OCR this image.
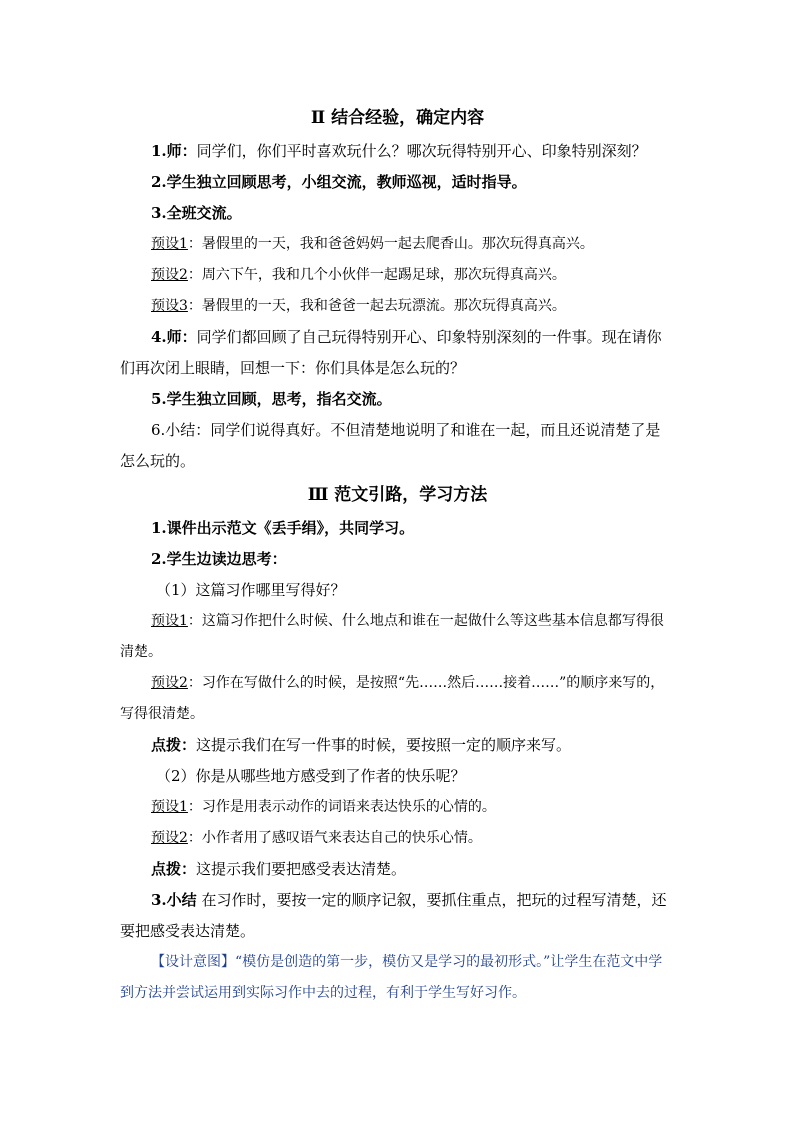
Ⅱ 结合经验，确定内容

1.师：同学们，你们平时喜欢玩什么？哪次玩得特别开心、印象特别深刻？

2.学生独立回顾思考，小组交流，教师巡视，适时指导。

3.全班交流。

预设1：暑假里的一天，我和爸爸妈妈一起去爬香山。那次玩得真高兴。

预设2：周六下午，我和几个小伙伴一起踢足球，那次玩得真高兴。

预设3：暑假里的一天，我和爸爸一起去玩漂流。那次玩得真高兴。

4.师：同学们都回顾了自己玩得特别开心、印象特别深刻的一件事。现在请你们再次闭上眼睛，回想一下：你们具体是怎么玩的？

5.学生独立回顾，思考，指名交流。

6.小结：同学们说得真好。不但清楚地说明了和谁在一起，而且还说清楚了是怎么玩的。

Ⅲ 范文引路，学习方法

1.课件出示范文《丢手绢》，共同学习。

2.学生边读边思考：

（1）这篇习作哪里写得好？

预设1：这篇习作把什么时候、什么地点和谁在一起做什么等这些基本信息都写得很清楚。

预设2：习作在写做什么的时候，是按照“先……然后……接着……”的顺序来写的，写得很清楚。

点拨：这提示我们在写一件事的时候，要按照一定的顺序来写。

（2）你是从哪些地方感受到了作者的快乐呢？

预设1：习作是用表示动作的词语来表达快乐的心情的。

预设2：小作者用了感叹语气来表达自己的快乐心情。

点拨：这提示我们要把感受表达清楚。

3.小结 在习作时，要按一定的顺序记叙，要抓住重点，把玩的过程写清楚，还要把感受表达清楚。

【设计意图】“模仿是创造的第一步，模仿又是学习的最初形式。”让学生在范文中学到方法并尝试运用到实际习作中去的过程，有利于学生写好习作。
